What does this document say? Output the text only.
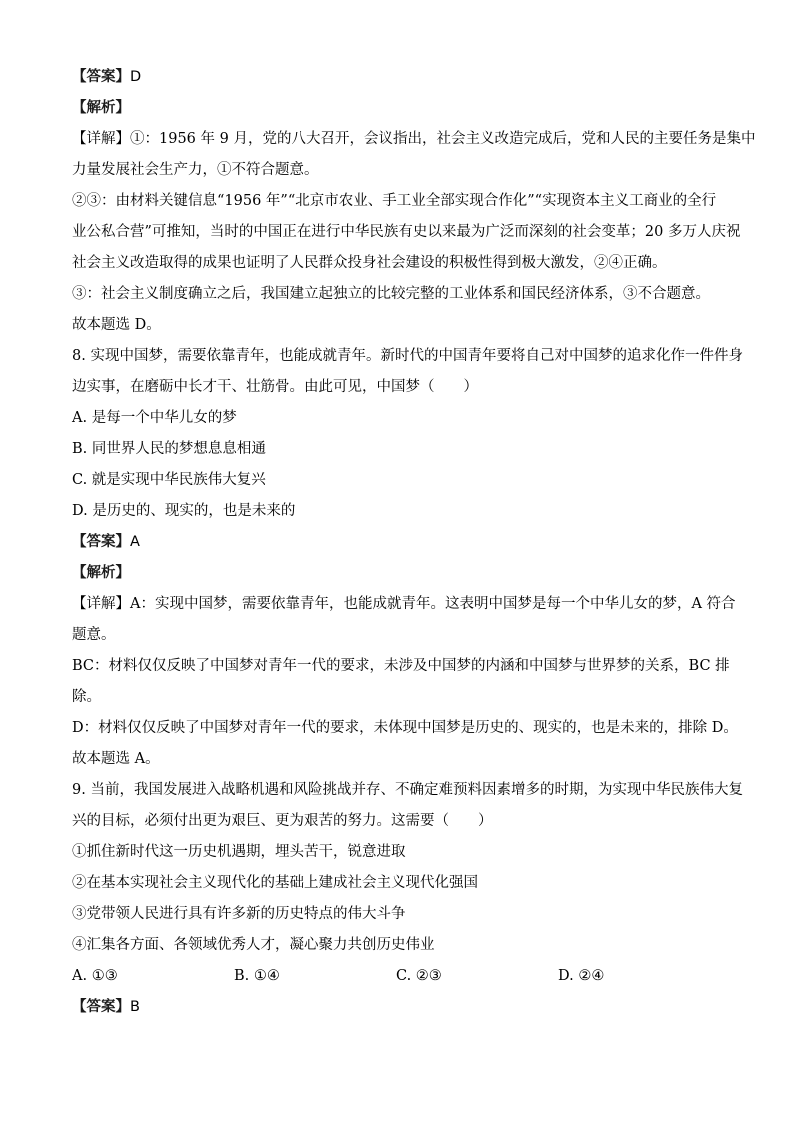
【答案】D
【解析】
【详解】①：1956 年 9 月，党的八大召开，会议指出，社会主义改造完成后，党和人民的主要任务是集中
力量发展社会生产力，①不符合题意。
②③：由材料关键信息“1956 年”“北京市农业、手工业全部实现合作化”“实现资本主义工商业的全行
业公私合营”可推知，当时的中国正在进行中华民族有史以来最为广泛而深刻的社会变革；20 多万人庆祝
社会主义改造取得的成果也证明了人民群众投身社会建设的积极性得到极大激发，②④正确。
③：社会主义制度确立之后，我国建立起独立的比较完整的工业体系和国民经济体系，③不合题意。
故本题选 D。
8. 实现中国梦，需要依靠青年，也能成就青年。新时代的中国青年要将自己对中国梦的追求化作一件件身
边实事，在磨砺中长才干、壮筋骨。由此可见，中国梦（　　）
A. 是每一个中华儿女的梦
B. 同世界人民的梦想息息相通
C. 就是实现中华民族伟大复兴
D. 是历史的、现实的，也是未来的
【答案】A
【解析】
【详解】A：实现中国梦，需要依靠青年，也能成就青年。这表明中国梦是每一个中华儿女的梦，A 符合
题意。
BC：材料仅仅反映了中国梦对青年一代的要求，未涉及中国梦的内涵和中国梦与世界梦的关系，BC 排
除。
D：材料仅仅反映了中国梦对青年一代的要求，未体现中国梦是历史的、现实的，也是未来的，排除 D。
故本题选 A。
9. 当前，我国发展进入战略机遇和风险挑战并存、不确定难预料因素增多的时期，为实现中华民族伟大复
兴的目标，必须付出更为艰巨、更为艰苦的努力。这需要（　　）
①抓住新时代这一历史机遇期，埋头苦干，锐意进取
②在基本实现社会主义现代化的基础上建成社会主义现代化强国
③党带领人民进行具有许多新的历史特点的伟大斗争
④汇集各方面、各领域优秀人才，凝心聚力共创历史伟业
A. ①③	B. ①④	C. ②③	D. ②④
【答案】B
